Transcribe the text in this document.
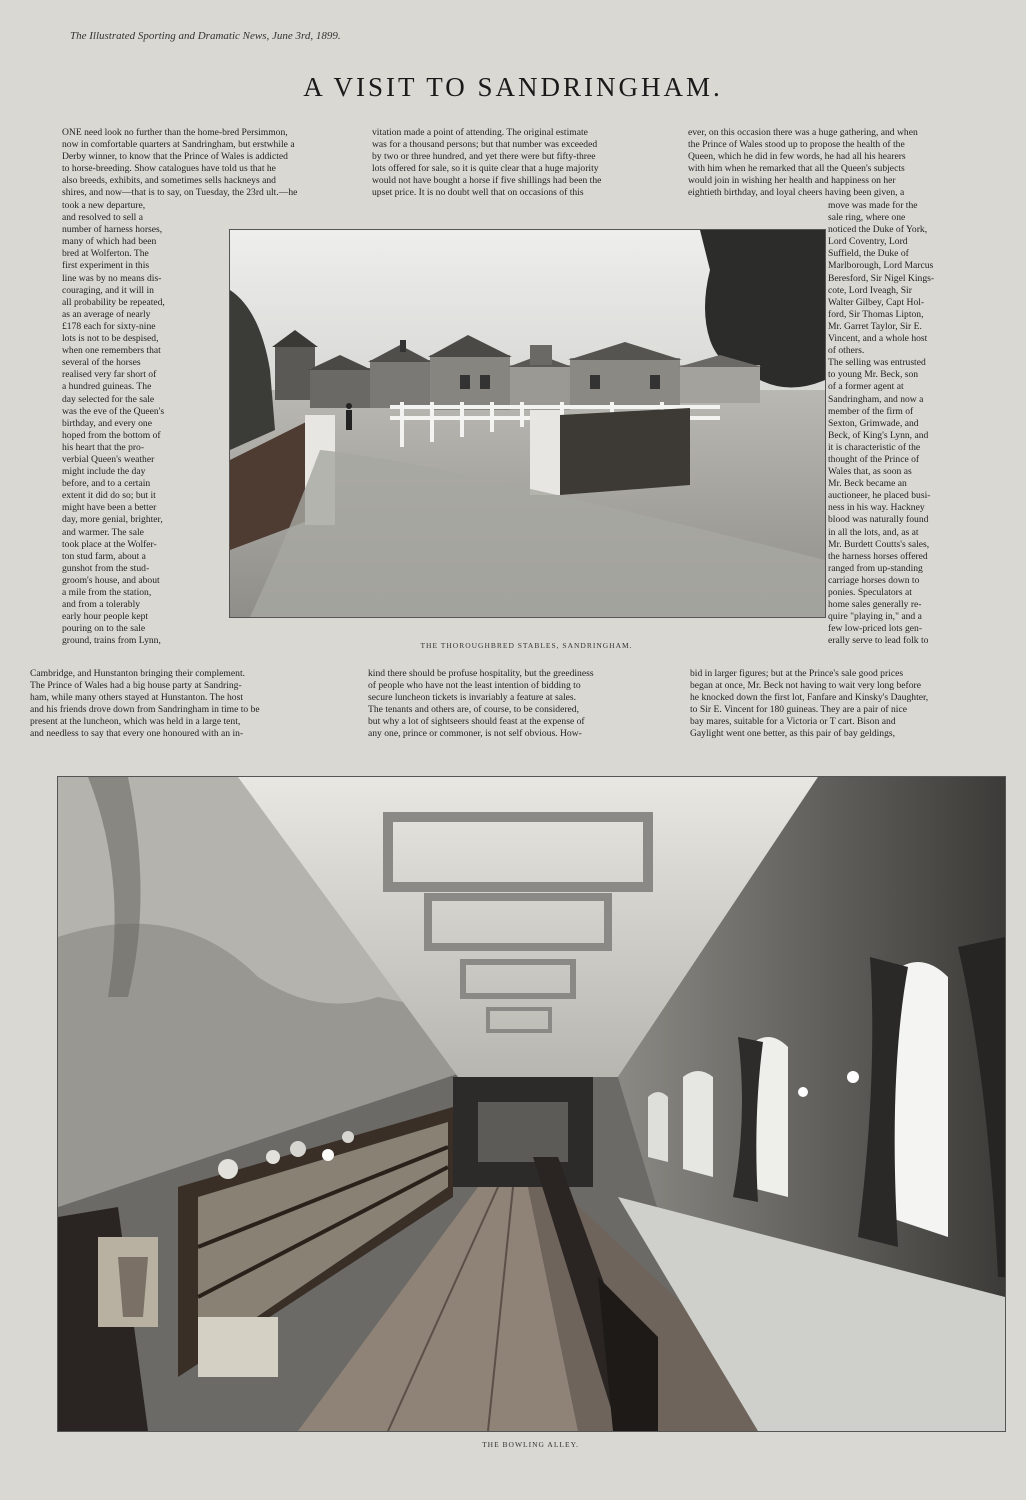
The Illustrated Sporting and Dramatic News, June 3rd, 1899.
A VISIT TO SANDRINGHAM.
ONE need look no further than the home-bred Persimmon,
now in comfortable quarters at Sandringham, but erstwhile a
Derby winner, to know that the Prince of Wales is addicted
to horse-breeding. Show catalogues have told us that he
also breeds, exhibits, and sometimes sells hackneys and
shires, and now—that is to say, on Tuesday, the 23rd ult.—he
took a new departure,
and resolved to sell a
number of harness horses,
many of which had been
bred at Wolferton. The
first experiment in this
line was by no means dis-
couraging, and it will in
all probability be repeated,
as an average of nearly
£178 each for sixty-nine
lots is not to be despised,
when one remembers that
several of the horses
realised very far short of
a hundred guineas. The
day selected for the sale
was the eve of the Queen's
birthday, and every one
hoped from the bottom of
his heart that the pro-
verbial Queen's weather
might include the day
before, and to a certain
extent it did do so; but it
might have been a better
day, more genial, brighter,
and warmer. The sale
took place at the Wolfer-
ton stud farm, about a
gunshot from the stud-
groom's house, and about
a mile from the station,
and from a tolerably
early hour people kept
pouring on to the sale
ground, trains from Lynn,
Cambridge, and Hunstanton bringing their complement.
The Prince of Wales had a big house party at Sandring-
ham, while many others stayed at Hunstanton. The host
and his friends drove down from Sandringham in time to be
present at the luncheon, which was held in a large tent,
and needless to say that every one honoured with an in-
vitation made a point of attending. The original estimate
was for a thousand persons; but that number was exceeded
by two or three hundred, and yet there were but fifty-three
lots offered for sale, so it is quite clear that a huge majority
would not have bought a horse if five shillings had been the
upset price. It is no doubt well that on occasions of this
kind there should be profuse hospitality, but the greediness
of people who have not the least intention of bidding to
secure luncheon tickets is invariably a feature at sales.
The tenants and others are, of course, to be considered,
but why a lot of sightseers should feast at the expense of
any one, prince or commoner, is not self obvious. How-
ever, on this occasion there was a huge gathering, and when
the Prince of Wales stood up to propose the health of the
Queen, which he did in few words, he had all his hearers
with him when he remarked that all the Queen's subjects
would join in wishing her health and happiness on her
eightieth birthday, and loyal cheers having been given, a
move was made for the
sale ring, where one
noticed the Duke of York,
Lord Coventry, Lord
Suffield, the Duke of
Marlborough, Lord Marcus
Beresford, Sir Nigel Kings-
cote, Lord Iveagh, Sir
Walter Gilbey, Capt Hol-
ford, Sir Thomas Lipton,
Mr. Garret Taylor, Sir E.
Vincent, and a whole host
of others.
The selling was entrusted
to young Mr. Beck, son
of a former agent at
Sandringham, and now a
member of the firm of
Sexton, Grimwade, and
Beck, of King's Lynn, and
it is characteristic of the
thought of the Prince of
Wales that, as soon as
Mr. Beck became an
auctioneer, he placed busi-
ness in his way. Hackney
blood was naturally found
in all the lots, and, as at
Mr. Burdett Coutts's sales,
the harness horses offered
ranged from up-standing
carriage horses down to
ponies. Speculators at
home sales generally re-
quire "playing in," and a
few low-priced lots gen-
erally serve to lead folk to
bid in larger figures; but at the Prince's sale good prices
began at once, Mr. Beck not having to wait very long before
he knocked down the first lot, Fanfare and Kinsky's Daughter,
to Sir E. Vincent for 180 guineas. They are a pair of nice
bay mares, suitable for a Victoria or T cart. Bison and
Gaylight went one better, as this pair of bay geldings,
THE THOROUGHBRED STABLES, SANDRINGHAM.
THE BOWLING ALLEY.
